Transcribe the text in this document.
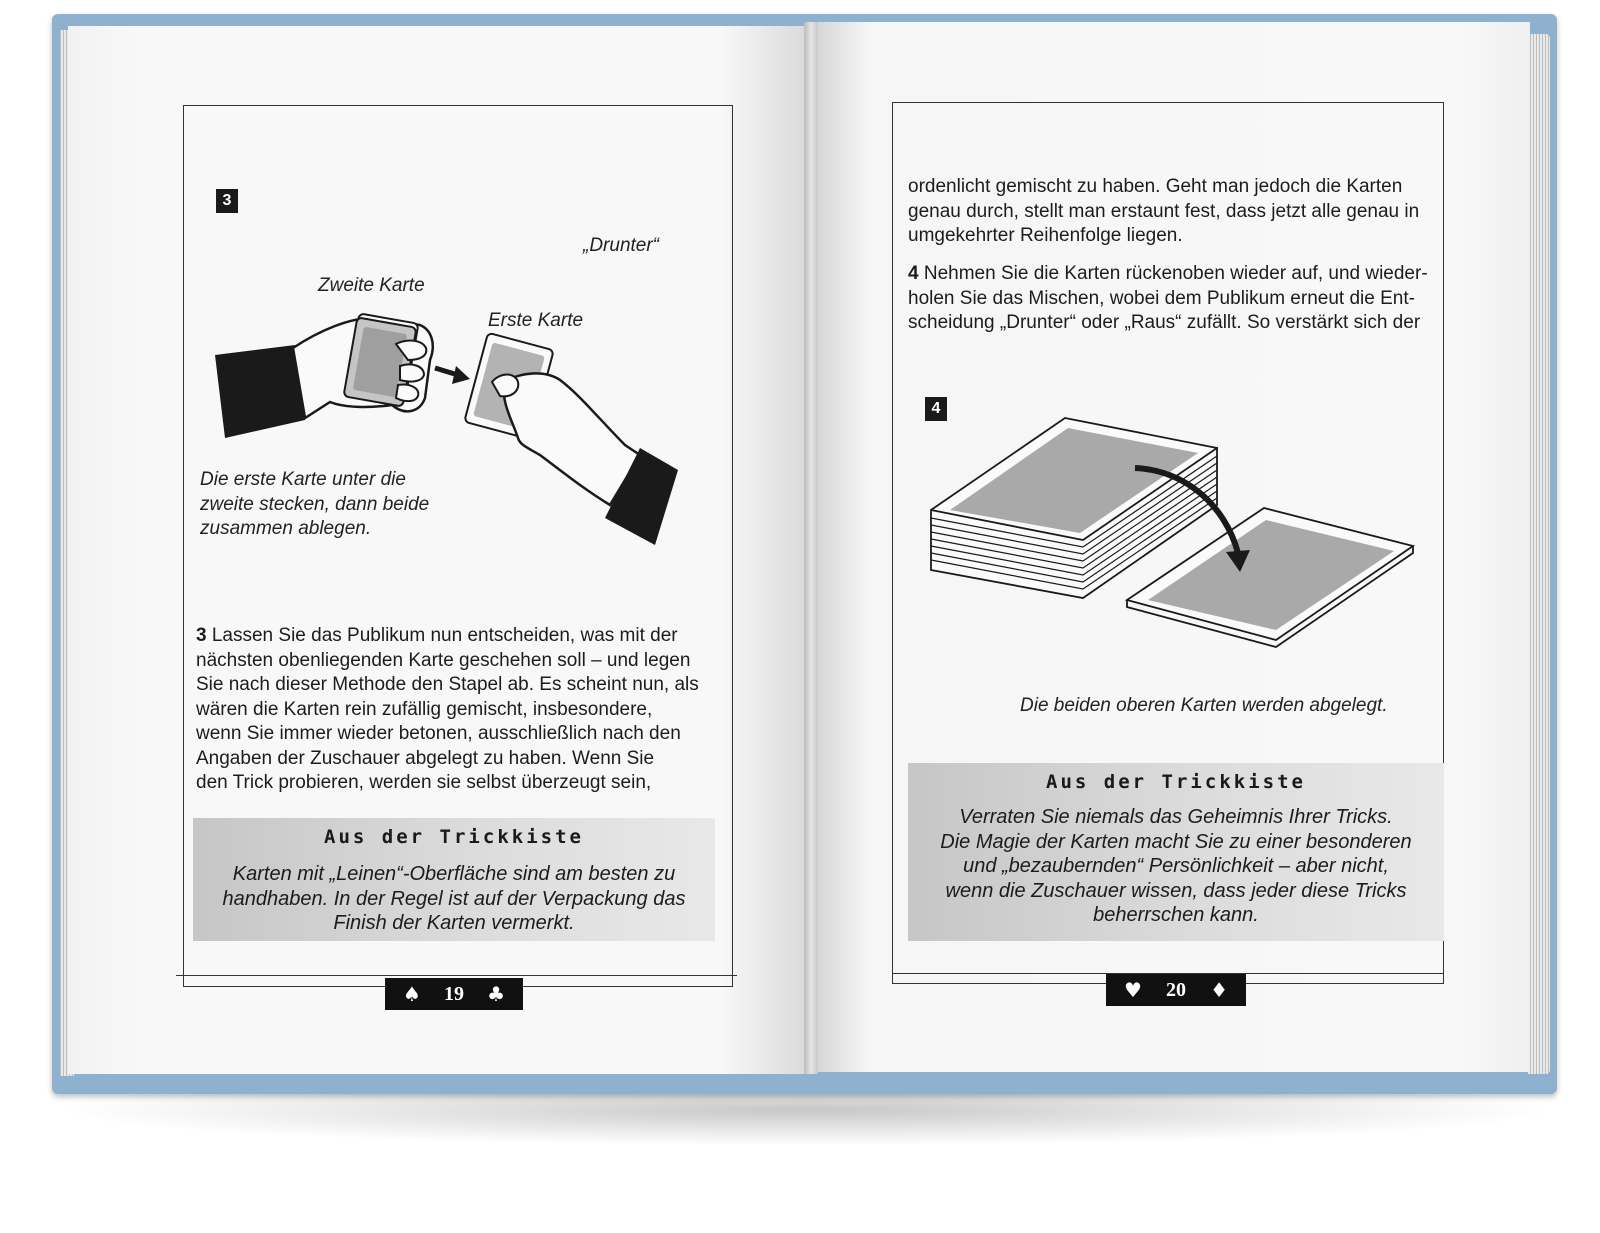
3
„Drunter“
Zweite Karte
Erste Karte
Die erste Karte unter die
zweite stecken, dann beide
zusammen ablegen.
3 Lassen Sie das Publikum nun entscheiden, was mit der
nächsten obenliegenden Karte geschehen soll – und legen
Sie nach dieser Methode den Stapel ab. Es scheint nun, als
wären die Karten rein zufällig gemischt, insbesondere,
wenn Sie immer wieder betonen, ausschließlich nach den
Angaben der Zuschauer abgelegt zu haben. Wenn Sie
den Trick probieren, werden sie selbst überzeugt sein,
Aus der Trickkiste
Karten mit „Leinen“-Oberfläche sind am besten zu
handhaben. In der Regel ist auf der Verpackung das
Finish der Karten vermerkt.
♠ 19 ♣
ordenlicht gemischt zu haben. Geht man jedoch die Karten
genau durch, stellt man erstaunt fest, dass jetzt alle genau in
umgekehrter Reihenfolge liegen.
4 Nehmen Sie die Karten rückenoben wieder auf, und wieder-
holen Sie das Mischen, wobei dem Publikum erneut die Ent-
scheidung „Drunter“ oder „Raus“ zufällt. So verstärkt sich der
4
Die beiden oberen Karten werden abgelegt.
Aus der Trickkiste
Verraten Sie niemals das Geheimnis Ihrer Tricks.
Die Magie der Karten macht Sie zu einer besonderen
und „bezaubernden“ Persönlichkeit – aber nicht,
wenn die Zuschauer wissen, dass jeder diese Tricks
beherrschen kann.
♥ 20 ♦
